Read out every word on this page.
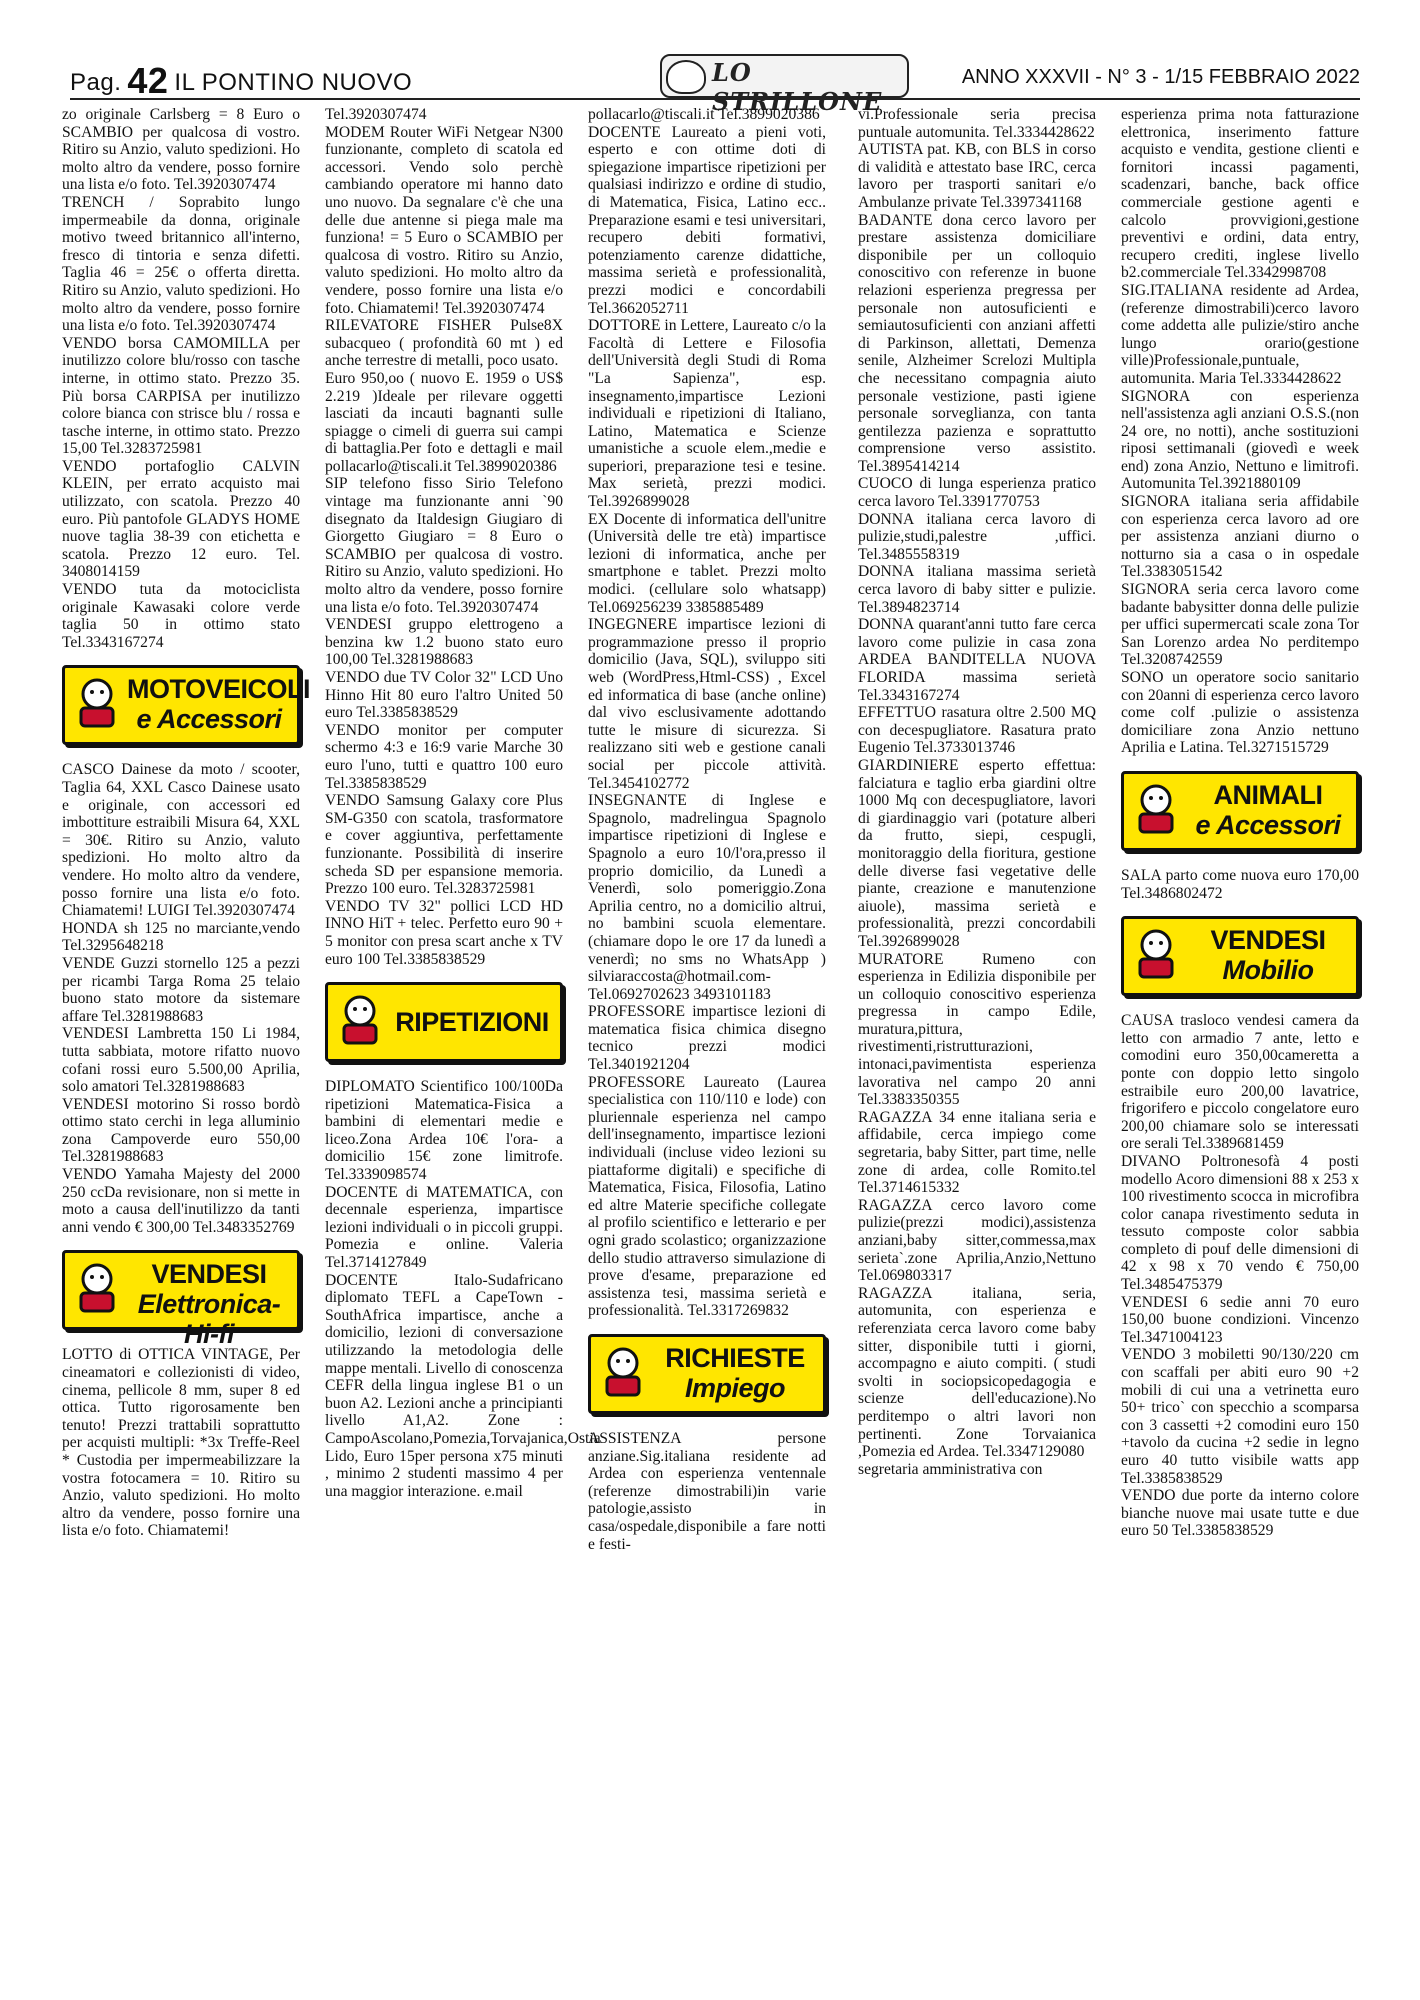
Pag. 42 IL PONTINO NUOVO	LO STRILLONE
ANNO XXXVII - N° 3 - 1/15 FEBBRAIO 2022

zo originale Carlsberg = 8 Euro o SCAMBIO per qualcosa di vostro. Ritiro su Anzio, valuto spedizioni. Ho molto altro da vendere, posso fornire una lista e/o foto. Tel.3920307474

TRENCH / Soprabito lungo impermeabile da donna, originale motivo tweed britannico all'interno, fresco di tintoria e senza difetti. Taglia 46 = 25€ o offerta diretta. Ritiro su Anzio, valuto spedizioni. Ho molto altro da vendere, posso fornire una lista e/o foto. Tel.3920307474

VENDO borsa CAMOMILLA per inutilizzo colore blu/rosso con tasche interne, in ottimo stato. Prezzo 35. Più borsa CARPISA per inutilizzo colore bianca con strisce blu / rossa e tasche interne, in ottimo stato. Prezzo 15,00 Tel.3283725981

VENDO portafoglio CALVIN KLEIN, per errato acquisto mai utilizzato, con scatola. Prezzo 40 euro. Più pantofole GLADYS HOME nuove taglia 38-39 con etichetta e scatola. Prezzo 12 euro. Tel. 3408014159

VENDO tuta da motociclista originale Kawasaki colore verde taglia 50 in ottimo stato Tel.3343167274

MOTOVEICOLI
e Accessori

CASCO Dainese da moto / scooter, Taglia 64, XXL Casco Dainese usato e originale, con accessori ed imbottiture estraibili Misura 64, XXL = 30€. Ritiro su Anzio, valuto spedizioni. Ho molto altro da vendere. Ho molto altro da vendere, posso fornire una lista e/o foto. Chiamatemi! LUIGI Tel.3920307474

HONDA sh 125 no marciante,vendo Tel.3295648218

VENDE Guzzi stornello 125 a pezzi per ricambi Targa Roma 25 telaio buono stato motore da sistemare affare Tel.3281988683

VENDESI Lambretta 150 Li 1984, tutta sabbiata, motore rifatto nuovo cofani rossi euro 5.500,00 Aprilia, solo amatori Tel.3281988683

VENDESI motorino Si rosso bordò ottimo stato cerchi in lega alluminio zona Campoverde euro 550,00 Tel.3281988683

VENDO Yamaha Majesty del 2000 250 ccDa revisionare, non si mette in moto a causa dell'inutilizzo da tanti anni vendo € 300,00 Tel.3483352769

VENDESI
Elettronica-Hi-fi

LOTTO di OTTICA VINTAGE, Per cineamatori e collezionisti di video, cinema, pellicole 8 mm, super 8 ed ottica. Tutto rigorosamente ben tenuto! Prezzi trattabili soprattutto per acquisti multipli: *3x Treffe-Reel * Custodia per impermeabilizzare la vostra fotocamera = 10. Ritiro su Anzio, valuto spedizioni. Ho molto altro da vendere, posso fornire una lista e/o foto. Chiamatemi!

Tel.3920307474

MODEM Router WiFi Netgear N300 funzionante, completo di scatola ed accessori. Vendo solo perchè cambiando operatore mi hanno dato uno nuovo. Da segnalare c'è che una delle due antenne si piega male ma funziona! = 5 Euro o SCAMBIO per qualcosa di vostro. Ritiro su Anzio, valuto spedizioni. Ho molto altro da vendere, posso fornire una lista e/o foto. Chiamatemi! Tel.3920307474

RILEVATORE FISHER Pulse8X subacqueo ( profondità 60 mt ) ed anche terrestre di metalli, poco usato.

Euro 950,oo ( nuovo E. 1959 o US$ 2.219 )Ideale per rilevare oggetti lasciati da incauti bagnanti sulle spiagge o cimeli di guerra sui campi di battaglia.Per foto e dettagli e mail pollacarlo@tiscali.it Tel.3899020386

SIP telefono fisso Sirio Telefono vintage ma funzionante anni `90 disegnato da Italdesign Giugiaro di Giorgetto Giugiaro = 8 Euro o SCAMBIO per qualcosa di vostro. Ritiro su Anzio, valuto spedizioni. Ho molto altro da vendere, posso fornire una lista e/o foto. Tel.3920307474

VENDESI gruppo elettrogeno a benzina kw 1.2 buono stato euro 100,00 Tel.3281988683

VENDO due TV Color 32" LCD Uno Hinno Hit 80 euro l'altro United 50 euro Tel.3385838529

VENDO monitor per computer schermo 4:3 e 16:9 varie Marche 30 euro l'uno, tutti e quattro 100 euro Tel.3385838529

VENDO Samsung Galaxy core Plus SM-G350 con scatola, trasformatore e cover aggiuntiva, perfettamente funzionante. Possibilità di inserire scheda SD per espansione memoria. Prezzo 100 euro. Tel.3283725981

VENDO TV 32" pollici LCD HD INNO HiT + telec. Perfetto euro 90 + 5 monitor con presa scart anche x TV euro 100 Tel.3385838529

RIPETIZIONI

DIPLOMATO Scientifico 100/100Da ripetizioni Matematica-Fisica a bambini di elementari medie e liceo.Zona Ardea 10€ l'ora- a domicilio 15€ zone limitrofe. Tel.3339098574

DOCENTE di MATEMATICA, con decennale esperienza, impartisce lezioni individuali o in piccoli gruppi. Pomezia e online. Valeria Tel.3714127849

DOCENTE Italo-Sudafricano diplomato TEFL a CapeTown - SouthAfrica impartisce, anche a domicilio, lezioni di conversazione utilizzando la metodologia delle mappe mentali. Livello di conoscenza CEFR della lingua inglese B1 o un buon A2. Lezioni anche a principianti livello A1,A2. Zone : CampoAscolano,Pomezia,Torvajanica,Ostia Lido, Euro 15per persona x75 minuti , minimo 2 studenti massimo 4 per una maggior interazione. e.mail

pollacarlo@tiscali.it Tel.3899020386

DOCENTE Laureato a pieni voti, esperto e con ottime doti di spiegazione impartisce ripetizioni per qualsiasi indirizzo e ordine di studio, di Matematica, Fisica, Latino ecc.. Preparazione esami e tesi universitari, recupero debiti formativi, potenziamento carenze didattiche, massima serietà e professionalità, prezzi modici e concordabili Tel.3662052711

DOTTORE in Lettere, Laureato c/o la Facoltà di Lettere e Filosofia dell'Università degli Studi di Roma "La Sapienza", esp. insegnamento,impartisce Lezioni individuali e ripetizioni di Italiano, Latino, Matematica e Scienze umanistiche a scuole elem.,medie e superiori, preparazione tesi e tesine. Max serietà, prezzi modici. Tel.3926899028

EX Docente di informatica dell'unitre (Università delle tre età) impartisce lezioni di informatica, anche per smartphone e tablet. Prezzi molto modici. (cellulare solo whatsapp) Tel.069256239 3385885489

INGEGNERE impartisce lezioni di programmazione presso il proprio domicilio (Java, SQL), sviluppo siti web (WordPress,Html-CSS) , Excel ed informatica di base (anche online) dal vivo esclusivamente adottando tutte le misure di sicurezza. Si realizzano siti web e gestione canali social per piccole attività. Tel.3454102772

INSEGNANTE di Inglese e Spagnolo, madrelingua Spagnolo impartisce ripetizioni di Inglese e Spagnolo a euro 10/l'ora,presso il proprio domicilio, da Lunedì a Venerdì, solo pomeriggio.Zona Aprilia centro, no a domicilio altrui, no bambini scuola elementare. (chiamare dopo le ore 17 da lunedì a venerdì; no sms no WhatsApp ) silviaraccosta@hotmail.com-Tel.0692702623 3493101183

PROFESSORE impartisce lezioni di matematica fisica chimica disegno tecnico prezzi modici Tel.3401921204

PROFESSORE Laureato (Laurea specialistica con 110/110 e lode) con pluriennale esperienza nel campo dell'insegnamento, impartisce lezioni individuali (incluse video lezioni su piattaforme digitali) e specifiche di Matematica, Fisica, Filosofia, Latino ed altre Materie specifiche collegate al profilo scientifico e letterario e per ogni grado scolastico; organizzazione dello studio attraverso simulazione di prove d'esame, preparazione ed assistenza tesi, massima serietà e professionalità. Tel.3317269832

RICHIESTE
Impiego

ASSISTENZA persone anziane.Sig.italiana residente ad Ardea con esperienza ventennale (referenze dimostrabili)in varie patologie,assisto in casa/ospedale,disponibile a fare notti e festi-

vi.Professionale seria precisa puntuale automunita. Tel.3334428622

AUTISTA pat. KB, con BLS in corso di validità e attestato base IRC, cerca lavoro per trasporti sanitari e/o Ambulanze private Tel.3397341168

BADANTE dona cerco lavoro per prestare assistenza domiciliare disponibile per un colloquio conoscitivo con referenze in buone relazioni esperienza pregressa per personale non autosuficienti e semiautosuficienti con anziani affetti di Parkinson, allettati, Demenza senile, Alzheimer Screlozi Multipla che necessitano compagnia aiuto personale vestizione, pasti igiene personale sorveglianza, con tanta gentilezza pazienza e soprattutto comprensione verso assistito. Tel.3895414214

CUOCO di lunga esperienza pratico cerca lavoro Tel.3391770753

DONNA italiana cerca lavoro di pulizie,studi,palestre ,uffici. Tel.3485558319

DONNA italiana massima serietà cerca lavoro di baby sitter e pulizie. Tel.3894823714

DONNA quarant'anni tutto fare cerca lavoro come pulizie in casa zona ARDEA BANDITELLA NUOVA FLORIDA massima serietà Tel.3343167274

EFFETTUO rasatura oltre 2.500 MQ con decespugliatore. Rasatura prato Eugenio Tel.3733013746

GIARDINIERE esperto effettua: falciatura e taglio erba giardini oltre 1000 Mq con decespugliatore, lavori di giardinaggio vari (potature alberi da frutto, siepi, cespugli, monitoraggio della fioritura, gestione delle diverse fasi vegetative delle piante, creazione e manutenzione aiuole), massima serietà e professionalità, prezzi concordabili Tel.3926899028

MURATORE Rumeno con esperienza in Edilizia disponibile per un colloquio conoscitivo esperienza pregressa in campo Edile, muratura,pittura, rivestimenti,ristrutturazioni, intonaci,pavimentista esperienza lavorativa nel campo 20 anni Tel.3383350355

RAGAZZA 34 enne italiana seria e affidabile, cerca impiego come segretaria, baby Sitter, part time, nelle zone di ardea, colle Romito.tel Tel.3714615332

RAGAZZA cerco lavoro come pulizie(prezzi modici),assistenza anziani,baby sitter,commessa,max serieta`.zone Aprilia,Anzio,Nettuno Tel.069803317

RAGAZZA italiana, seria, automunita, con esperienza e referenziata cerca lavoro come baby sitter, disponibile tutti i giorni, accompagno e aiuto compiti. ( studi svolti in sociopsicopedagogia e scienze dell'educazione).No perditempo o altri lavori non pertinenti. Zone Torvaianica ,Pomezia ed Ardea. Tel.3347129080

segretaria amministrativa con

esperienza prima nota fatturazione elettronica, inserimento fatture acquisto e vendita, gestione clienti e fornitori incassi pagamenti, scadenzari, banche, back office commerciale gestione agenti e calcolo provvigioni,gestione preventivi e ordini, data entry, recupero crediti, inglese livello b2.commerciale Tel.3342998708

SIG.ITALIANA residente ad Ardea,(referenze dimostrabili)cerco lavoro come addetta alle pulizie/stiro anche lungo orario(gestione ville)Professionale,puntuale, automunita. Maria Tel.3334428622

SIGNORA con esperienza nell'assistenza agli anziani O.S.S.(non 24 ore, no notti), anche sostituzioni riposi settimanali (giovedì e week end) zona Anzio, Nettuno e limitrofi. Automunita Tel.3921880109

SIGNORA italiana seria affidabile con esperienza cerca lavoro ad ore per assistenza anziani diurno o notturno sia a casa o in ospedale Tel.3383051542

SIGNORA seria cerca lavoro come badante babysitter donna delle pulizie per uffici supermercati scale zona Tor San Lorenzo ardea No perditempo Tel.3208742559

SONO un operatore socio sanitario con 20anni di esperienza cerco lavoro come colf .pulizie o assistenza domiciliare zona Anzio nettuno Aprilia e Latina. Tel.3271515729

ANIMALI
e Accessori

SALA parto come nuova euro 170,00 Tel.3486802472

VENDESI
Mobilio

CAUSA trasloco vendesi camera da letto con armadio 7 ante, letto e comodini euro 350,00cameretta a ponte con doppio letto singolo estraibile euro 200,00 lavatrice, frigorifero e piccolo congelatore euro 200,00 chiamare solo se interessati ore serali Tel.3389681459

DIVANO Poltronesofà 4 posti modello Acoro dimensioni 88 x 253 x 100 rivestimento scocca in microfibra color canapa rivestimento seduta in tessuto composte color sabbia completo di pouf delle dimensioni di 42 x 98 x 70 vendo € 750,00 Tel.3485475379

VENDESI 6 sedie anni 70 euro 150,00 buone condizioni. Vincenzo Tel.3471004123

VENDO 3 mobiletti 90/130/220 cm con scaffali per abiti euro 90 +2 mobili di cui una a vetrinetta euro 50+ trico` con specchio a scomparsa con 3 cassetti +2 comodini euro 150 +tavolo da cucina +2 sedie in legno euro 40 tutto visibile watts app Tel.3385838529

VENDO due porte da interno colore bianche nuove mai usate tutte e due euro 50 Tel.3385838529
